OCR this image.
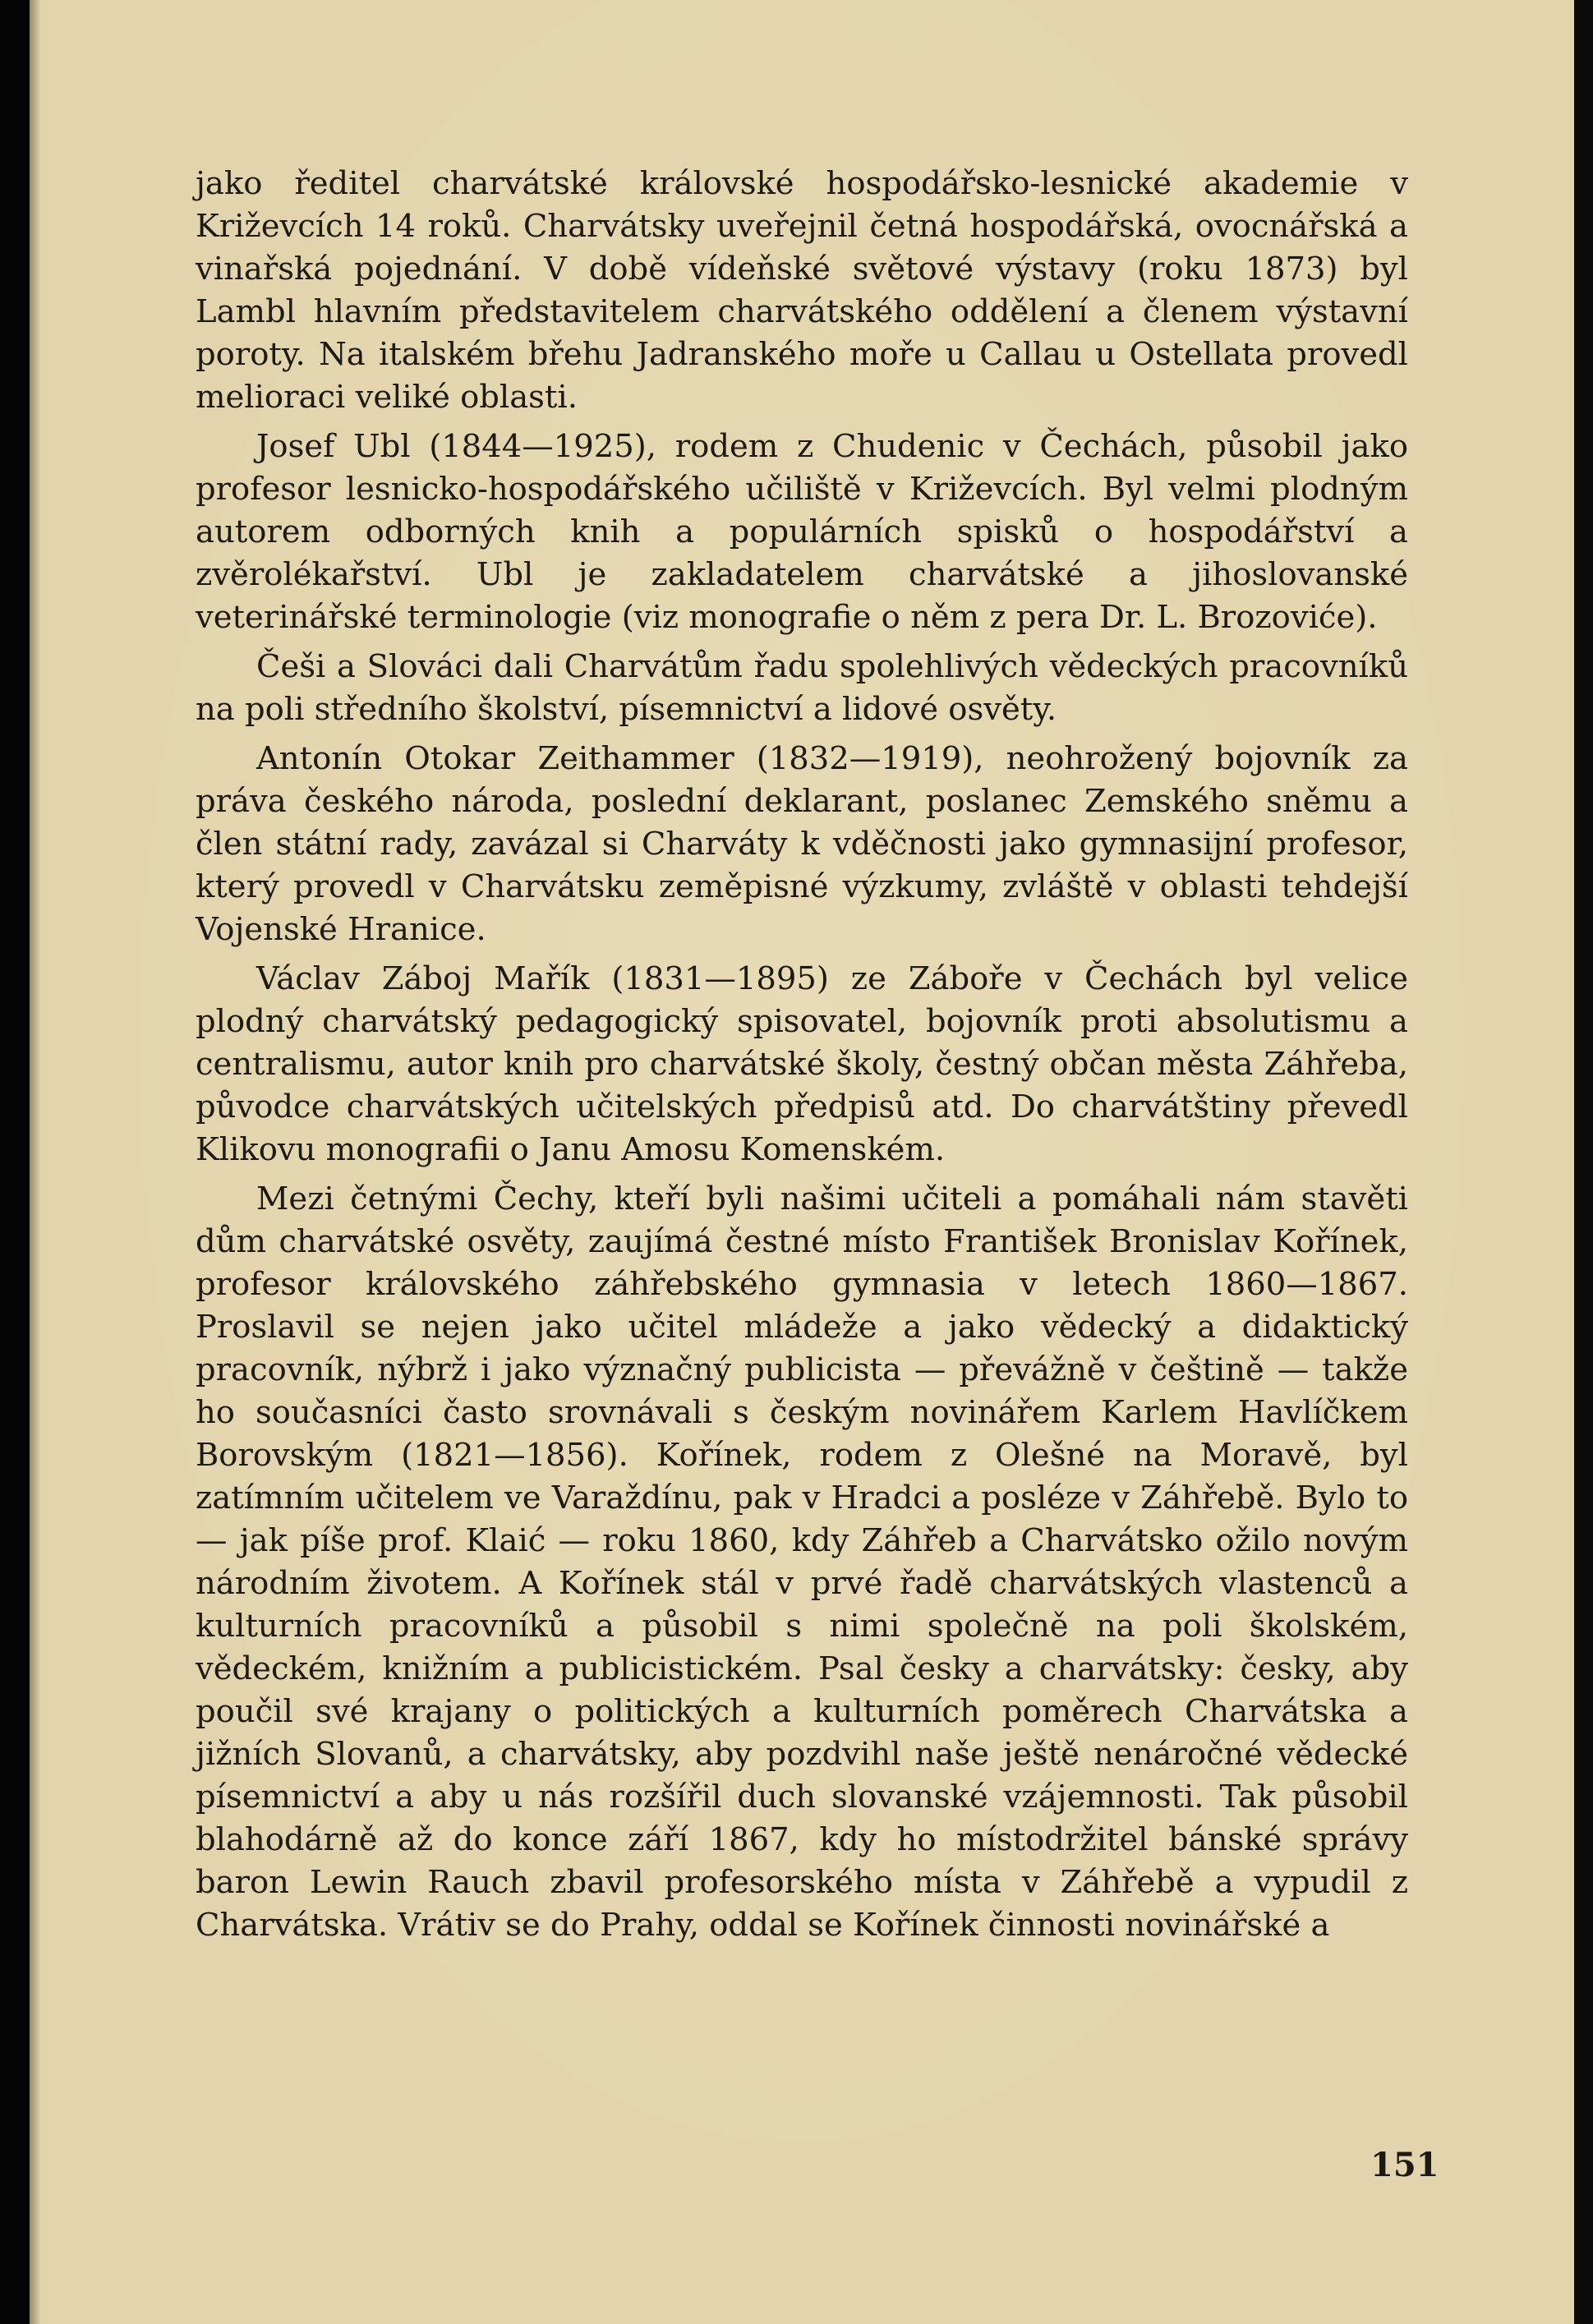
jako ředitel charvátské královské hospodářsko-lesnické akademie v Križevcích 14 roků. Charvátsky uveřejnil četná hospodářská, ovocnářská a vinařská pojednání. V době vídeňské světové výstavy (roku 1873) byl Lambl hlavním představitelem charvátského oddělení a členem výstavní poroty. Na italském břehu Jadranského moře u Callau u Ostellata provedl melioraci veliké oblasti.

Josef Ubl (1844—1925), rodem z Chudenic v Čechách, působil jako profesor lesnicko-hospodářského učiliště v Križevcích. Byl velmi plodným autorem odborných knih a populárních spisků o hospodářství a zvěrolékařství. Ubl je zakladatelem charvátské a jihoslovanské veterinářské terminologie (viz monografie o něm z pera Dr. L. Brozoviće).

Češi a Slováci dali Charvátům řadu spolehlivých vědeckých pracovníků na poli středního školství, písemnictví a lidové osvěty.

Antonín Otokar Zeithammer (1832—1919), neohrožený bojovník za práva českého národa, poslední deklarant, poslanec Zemského sněmu a člen státní rady, zavázal si Charváty k vděčnosti jako gymnasijní profesor, který provedl v Charvátsku zeměpisné výzkumy, zvláště v oblasti tehdejší Vojenské Hranice.

Václav Záboj Mařík (1831—1895) ze Záboře v Čechách byl velice plodný charvátský pedagogický spisovatel, bojovník proti absolutismu a centralismu, autor knih pro charvátské školy, čestný občan města Záhřeba, původce charvátských učitelských předpisů atd. Do charvátštiny převedl Klikovu monografii o Janu Amosu Komenském.

Mezi četnými Čechy, kteří byli našimi učiteli a pomáhali nám stavěti dům charvátské osvěty, zaujímá čestné místo František Bronislav Kořínek, profesor královského záhřebského gymnasia v letech 1860—1867. Proslavil se nejen jako učitel mládeže a jako vědecký a didaktický pracovník, nýbrž i jako význačný publicista — převážně v češtině — takže ho současníci často srovnávali s českým novinářem Karlem Havlíčkem Borovským (1821—1856). Kořínek, rodem z Olešné na Moravě, byl zatímním učitelem ve Varaždínu, pak v Hradci a posléze v Záhřebě. Bylo to — jak píše prof. Klaić — roku 1860, kdy Záhřeb a Charvátsko ožilo novým národním životem. A Kořínek stál v prvé řadě charvátských vlastenců a kulturních pracovníků a působil s nimi společně na poli školském, vědeckém, knižním a publicistickém. Psal česky a charvátsky: česky, aby poučil své krajany o politických a kulturních poměrech Charvátska a jižních Slovanů, a charvátsky, aby pozdvihl naše ještě nenáročné vědecké písemnictví a aby u nás rozšířil duch slovanské vzájemnosti. Tak působil blahodárně až do konce září 1867, kdy ho místodržitel bánské správy baron Lewin Rauch zbavil profesorského místa v Záhřebě a vypudil z Charvátska. Vrátiv se do Prahy, oddal se Kořínek činnosti novinářské a

151
